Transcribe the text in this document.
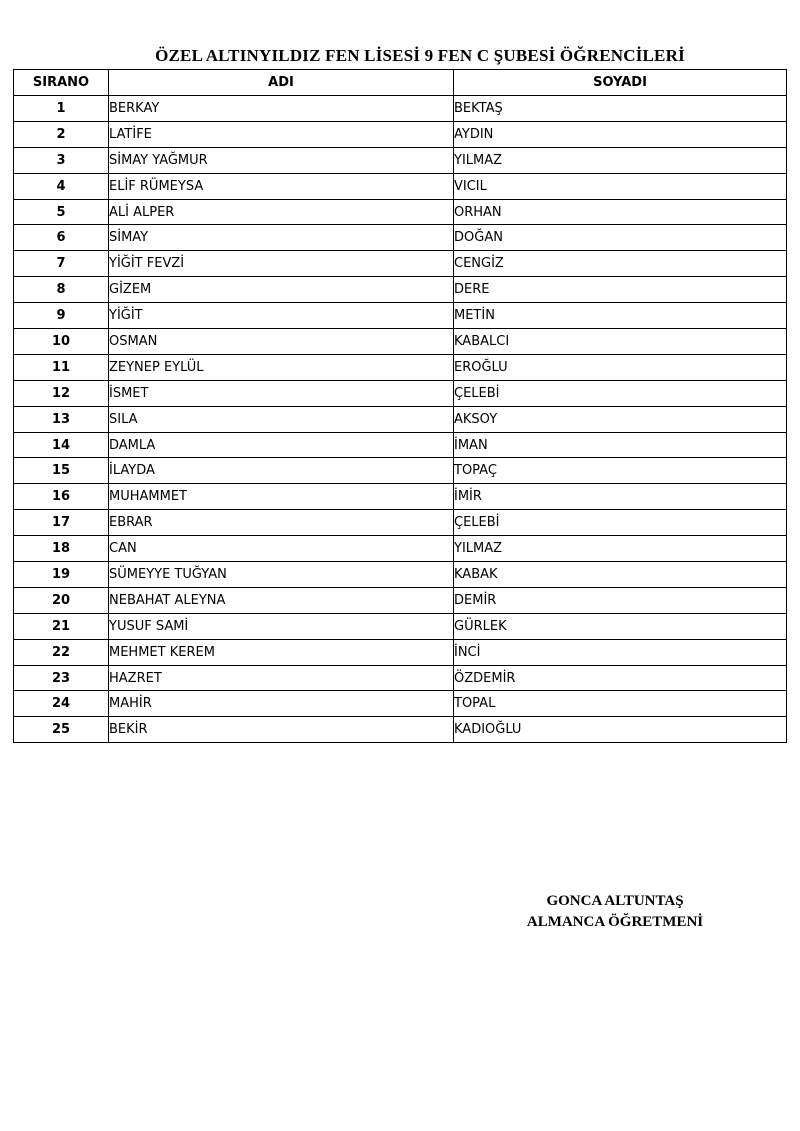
ÖZEL ALTINYILDIZ FEN LİSESİ 9 FEN C ŞUBESİ ÖĞRENCİLERİ
SIRANO	ADI	SOYADI
1	BERKAY	BEKTAŞ
2	LATİFE	AYDIN
3	SİMAY YAĞMUR	YILMAZ
4	ELİF RÜMEYSA	VICIL
5	ALİ ALPER	ORHAN
6	SİMAY	DOĞAN
7	YİĞİT FEVZİ	CENGİZ
8	GİZEM	DERE
9	YİĞİT	METİN
10	OSMAN	KABALCI
11	ZEYNEP EYLÜL	EROĞLU
12	İSMET	ÇELEBİ
13	SILA	AKSOY
14	DAMLA	İMAN
15	İLAYDA	TOPAÇ
16	MUHAMMET	İMİR
17	EBRAR	ÇELEBİ
18	CAN	YILMAZ
19	SÜMEYYE TUĞYAN	KABAK
20	NEBAHAT ALEYNA	DEMİR
21	YUSUF SAMİ	GÜRLEK
22	MEHMET KEREM	İNCİ
23	HAZRET	ÖZDEMİR
24	MAHİR	TOPAL
25	BEKİR	KADIOĞLU
GONCA ALTUNTAŞ
ALMANCA ÖĞRETMENİ
